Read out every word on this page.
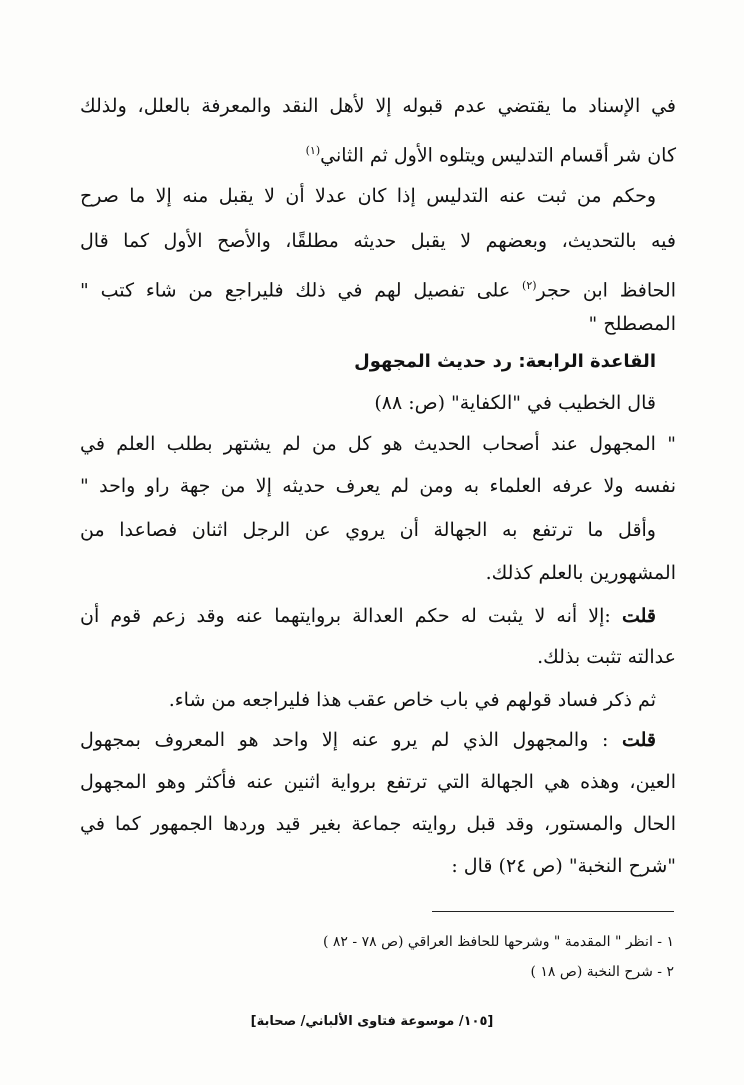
في الإسناد ما يقتضي عدم قبوله إلا لأهل النقد والمعرفة بالعلل، ولذلك
كان شر أقسام التدليس ويتلوه الأول ثم الثاني$^{(١)}$
وحكم من ثبت عنه التدليس إذا كان عدلا أن لا يقبل منه إلا ما صرح
فيه بالتحديث، وبعضهم لا يقبل حديثه مطلقًا، والأصح الأول كما قال
الحافظ ابن حجر$^{(٢)}$ على تفصيل لهم في ذلك فليراجع من شاء كتب "
المصطلح "
القاعدة الرابعة: رد حديث المجهول
قال الخطيب في "الكفاية" (ص: ٨٨)
" المجهول عند أصحاب الحديث هو كل من لم يشتهر بطلب العلم في
نفسه ولا عرفه العلماء به ومن لم يعرف حديثه إلا من جهة راو واحد "
وأقل ما ترتفع به الجهالة أن يروي عن الرجل اثنان فصاعدا من
المشهورين بالعلم كذلك.
قلت :إلا أنه لا يثبت له حكم العدالة بروايتهما عنه وقد زعم قوم أن
عدالته تثبت بذلك.
ثم ذكر فساد قولهم في باب خاص عقب هذا فليراجعه من شاء.
قلت : والمجهول الذي لم يرو عنه إلا واحد هو المعروف بمجهول
العين، وهذه هي الجهالة التي ترتفع برواية اثنين عنه فأكثر وهو المجهول
الحال والمستور، وقد قبل روايته جماعة بغير قيد وردها الجمهور كما في
"شرح النخبة" (ص ٢٤) قال :
١ - انظر " المقدمة " وشرحها للحافظ العراقي (ص ٧٨ - ٨٢ )
٢ - شرح النخبة (ص ١٨ )
[١٠٥/ موسوعة فتاوى الألباني/ صحابة]
